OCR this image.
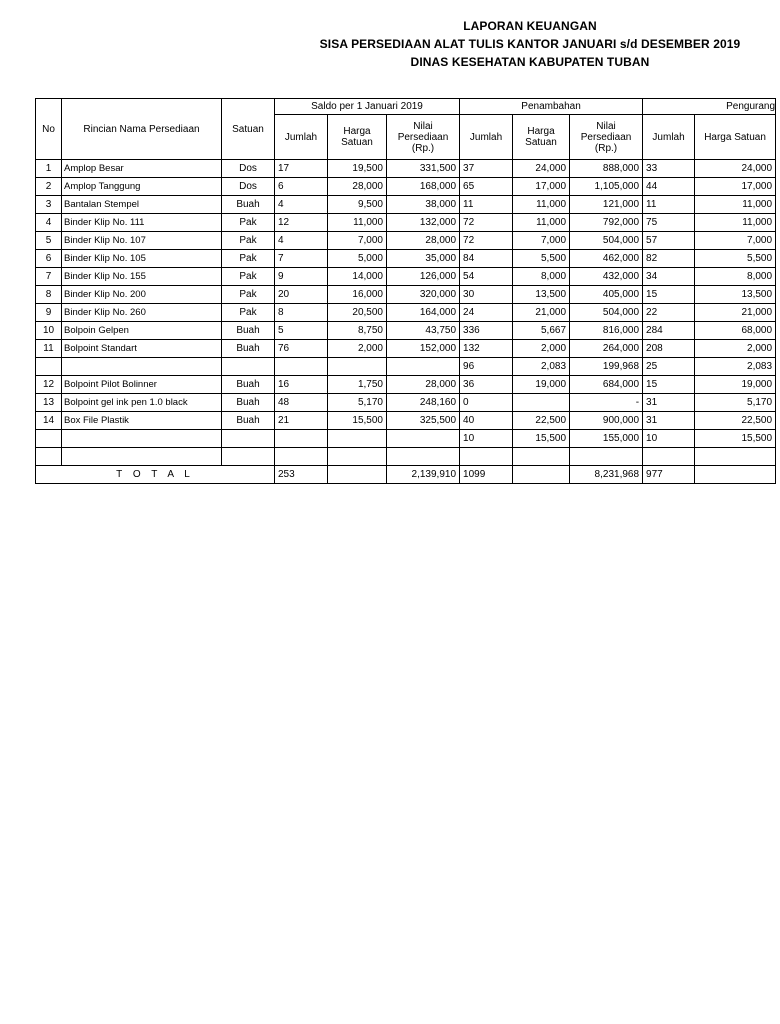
LAPORAN KEUANGAN
SISA PERSEDIAAN ALAT TULIS KANTOR JANUARI s/d DESEMBER 2019
DINAS KESEHATAN KABUPATEN TUBAN
No	Rincian Nama Persediaan	Satuan	Saldo per 1 Januari 2019			Penambahan			Pengurang	
			Jumlah	Harga Satuan	Nilai Persediaan (Rp.)	Jumlah	Harga Satuan	Nilai Persediaan (Rp.)	Jumlah	Harga Satuan
1	Amplop Besar	Dos	17	19,500	331,500	37	24,000	888,000	33	24,000
2	Amplop Tanggung	Dos	6	28,000	168,000	65	17,000	1,105,000	44	17,000
3	Bantalan Stempel	Buah	4	9,500	38,000	11	11,000	121,000	11	11,000
4	Binder Klip No. 111	Pak	12	11,000	132,000	72	11,000	792,000	75	11,000
5	Binder Klip No. 107	Pak	4	7,000	28,000	72	7,000	504,000	57	7,000
6	Binder Klip No. 105	Pak	7	5,000	35,000	84	5,500	462,000	82	5,500
7	Binder Klip No. 155	Pak	9	14,000	126,000	54	8,000	432,000	34	8,000
8	Binder Klip No. 200	Pak	20	16,000	320,000	30	13,500	405,000	15	13,500
9	Binder Klip No. 260	Pak	8	20,500	164,000	24	21,000	504,000	22	21,000
10	Bolpoin Gelpen	Buah	5	8,750	43,750	336	5,667	816,000	284	68,000
11	Bolpoint Standart	Buah	76	2,000	152,000	132	2,000	264,000	208	2,000
						96	2,083	199,968	25	2,083
12	Bolpoint Pilot Bolinner	Buah	16	1,750	28,000	36	19,000	684,000	15	19,000
13	Bolpoint gel ink pen 1.0 black	Buah	48	5,170	248,160	0		-	31	5,170
14	Box File Plastik	Buah	21	15,500	325,500	40	22,500	900,000	31	22,500
						10	15,500	155,000	10	15,500

T O T A L			253		2,139,910	1099		8,231,968	977	
